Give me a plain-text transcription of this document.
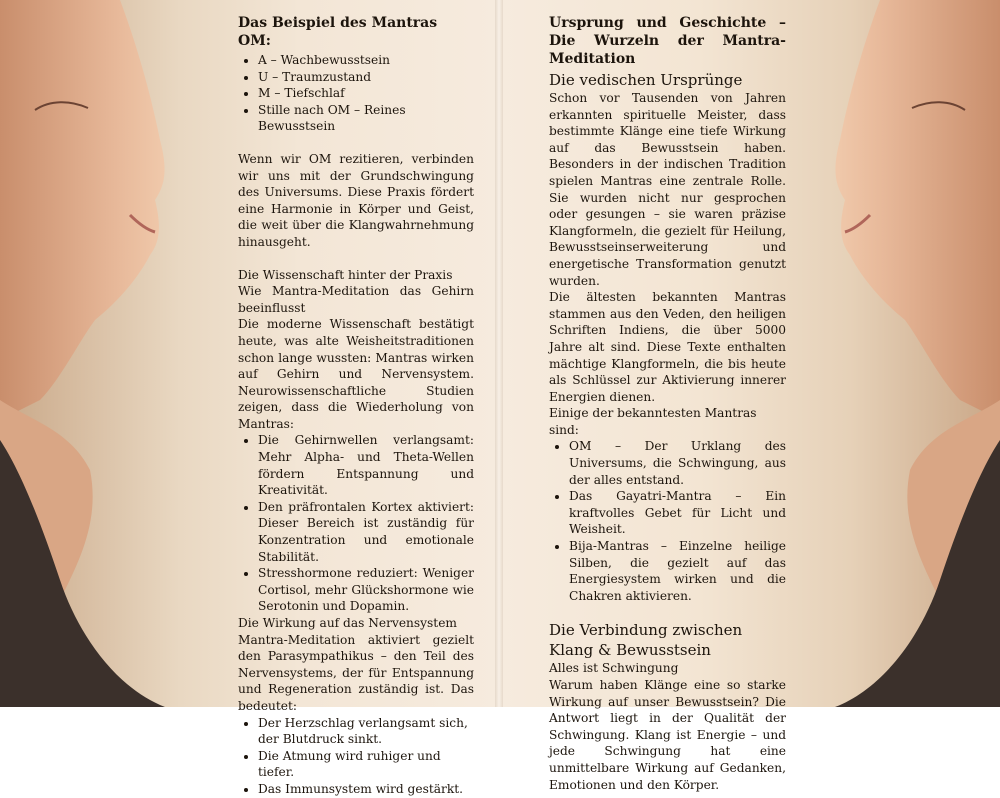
Das Beispiel des Mantras OM:
• A – Wachbewusstsein
• U – Traumzustand
• M – Tiefschlaf
• Stille nach OM – Reines Bewusstsein

Wenn wir OM rezitieren, verbinden wir uns mit der Grundschwingung des Universums. Diese Praxis fördert eine Harmonie in Körper und Geist, die weit über die Klangwahrnehmung hinausgeht.

Die Wissenschaft hinter der Praxis

Wie Mantra-Meditation das Gehirn beeinflusst

Die moderne Wissenschaft bestätigt heute, was alte Weisheitstraditionen schon lange wussten: Mantras wirken auf Gehirn und Nervensystem. Neurowissenschaftliche Studien zeigen, dass die Wiederholung von Mantras:

• Die Gehirnwellen verlangsamt: Mehr Alpha- und Theta-Wellen fördern Entspannung und Kreativität.
• Den präfrontalen Kortex aktiviert: Dieser Bereich ist zuständig für Konzentration und emotionale Stabilität.
• Stresshormone reduziert: Weniger Cortisol, mehr Glückshormone wie Serotonin und Dopamin.

Die Wirkung auf das Nervensystem

Mantra-Meditation aktiviert gezielt den Parasympathikus – den Teil des Nervensystems, der für Entspannung und Regeneration zuständig ist. Das bedeutet:

• Der Herzschlag verlangsamt sich, der Blutdruck sinkt.
• Die Atmung wird ruhiger und tiefer.
• Das Immunsystem wird gestärkt.
Ursprung und Geschichte – Die Wurzeln der Mantra-Meditation

Die vedischen Ursprünge

Schon vor Tausenden von Jahren erkannten spirituelle Meister, dass bestimmte Klänge eine tiefe Wirkung auf das Bewusstsein haben. Besonders in der indischen Tradition spielen Mantras eine zentrale Rolle. Sie wurden nicht nur gesprochen oder gesungen – sie waren präzise Klangformeln, die gezielt für Heilung, Bewusstseinserweiterung und energetische Transformation genutzt wurden.

Die ältesten bekannten Mantras stammen aus den Veden, den heiligen Schriften Indiens, die über 5000 Jahre alt sind. Diese Texte enthalten mächtige Klangformeln, die bis heute als Schlüssel zur Aktivierung innerer Energien dienen.

Einige der bekanntesten Mantras sind:

• OM – Der Urklang des Universums, die Schwingung, aus der alles entstand.
• Das Gayatri-Mantra – Ein kraftvolles Gebet für Licht und Weisheit.
• Bija-Mantras – Einzelne heilige Silben, die gezielt auf das Energiesystem wirken und die Chakren aktivieren.

Die Verbindung zwischen Klang & Bewusstsein

Alles ist Schwingung

Warum haben Klänge eine so starke Wirkung auf unser Bewusstsein? Die Antwort liegt in der Qualität der Schwingung. Klang ist Energie – und jede Schwingung hat eine unmittelbare Wirkung auf Gedanken, Emotionen und den Körper.
